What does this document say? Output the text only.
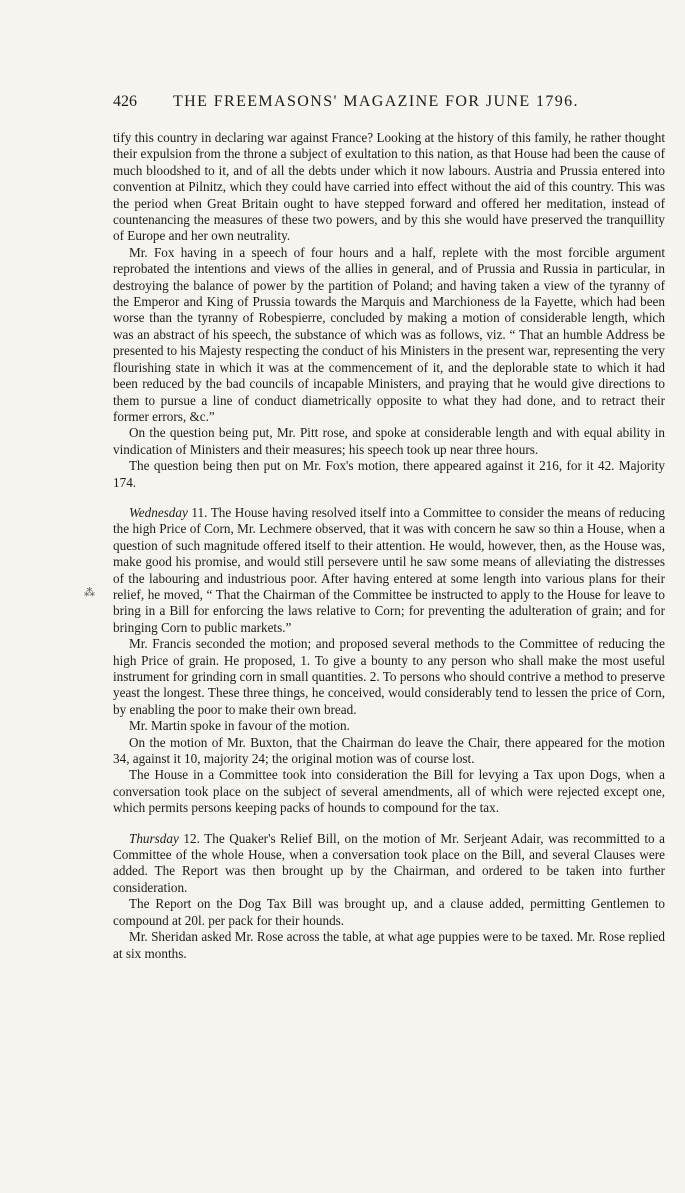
426 THE FREEMASONS' MAGAZINE FOR JUNE 1796.
⁂

tify this country in declaring war against France? Looking at the history of this family, he rather thought their expulsion from the throne a subject of exultation to this nation, as that House had been the cause of much bloodshed to it, and of all the debts under which it now labours. Austria and Prussia entered into convention at Pilnitz, which they could have carried into effect without the aid of this country. This was the period when Great Britain ought to have stepped forward and offered her meditation, instead of countenancing the measures of these two powers, and by this she would have preserved the tranquillity of Europe and her own neutrality.

Mr. Fox having in a speech of four hours and a half, replete with the most forcible argument reprobated the intentions and views of the allies in general, and of Prussia and Russia in particular, in destroying the balance of power by the partition of Poland; and having taken a view of the tyranny of the Emperor and King of Prussia towards the Marquis and Marchioness de la Fayette, which had been worse than the tyranny of Robespierre, concluded by making a motion of considerable length, which was an abstract of his speech, the substance of which was as follows, viz. “ That an humble Address be presented to his Majesty respecting the conduct of his Ministers in the present war, representing the very flourishing state in which it was at the commencement of it, and the deplorable state to which it had been reduced by the bad councils of incapable Ministers, and praying that he would give directions to them to pursue a line of conduct diametrically opposite to what they had done, and to retract their former errors, &c.”

On the question being put, Mr. Pitt rose, and spoke at considerable length and with equal ability in vindication of Ministers and their measures; his speech took up near three hours.

The question being then put on Mr. Fox's motion, there appeared against it 216, for it 42. Majority 174.

Wednesday 11. The House having resolved itself into a Committee to consider the means of reducing the high Price of Corn, Mr. Lechmere observed, that it was with concern he saw so thin a House, when a question of such magnitude offered itself to their attention. He would, however, then, as the House was, make good his promise, and would still persevere until he saw some means of alleviating the distresses of the labouring and industrious poor. After having entered at some length into various plans for their relief, he moved, “ That the Chairman of the Committee be instructed to apply to the House for leave to bring in a Bill for enforcing the laws relative to Corn; for preventing the adulteration of grain; and for bringing Corn to public markets.”

Mr. Francis seconded the motion; and proposed several methods to the Committee of reducing the high Price of grain. He proposed, 1. To give a bounty to any person who shall make the most useful instrument for grinding corn in small quantities. 2. To persons who should contrive a method to preserve yeast the longest. These three things, he conceived, would considerably tend to lessen the price of Corn, by enabling the poor to make their own bread.

Mr. Martin spoke in favour of the motion.

On the motion of Mr. Buxton, that the Chairman do leave the Chair, there appeared for the motion 34, against it 10, majority 24; the original motion was of course lost.

The House in a Committee took into consideration the Bill for levying a Tax upon Dogs, when a conversation took place on the subject of several amendments, all of which were rejected except one, which permits persons keeping packs of hounds to compound for the tax.

Thursday 12. The Quaker's Relief Bill, on the motion of Mr. Serjeant Adair, was recommitted to a Committee of the whole House, when a conversation took place on the Bill, and several Clauses were added. The Report was then brought up by the Chairman, and ordered to be taken into further consideration.

The Report on the Dog Tax Bill was brought up, and a clause added, permitting Gentlemen to compound at 20l. per pack for their hounds.

Mr. Sheridan asked Mr. Rose across the table, at what age puppies were to be taxed. Mr. Rose replied at six months.
